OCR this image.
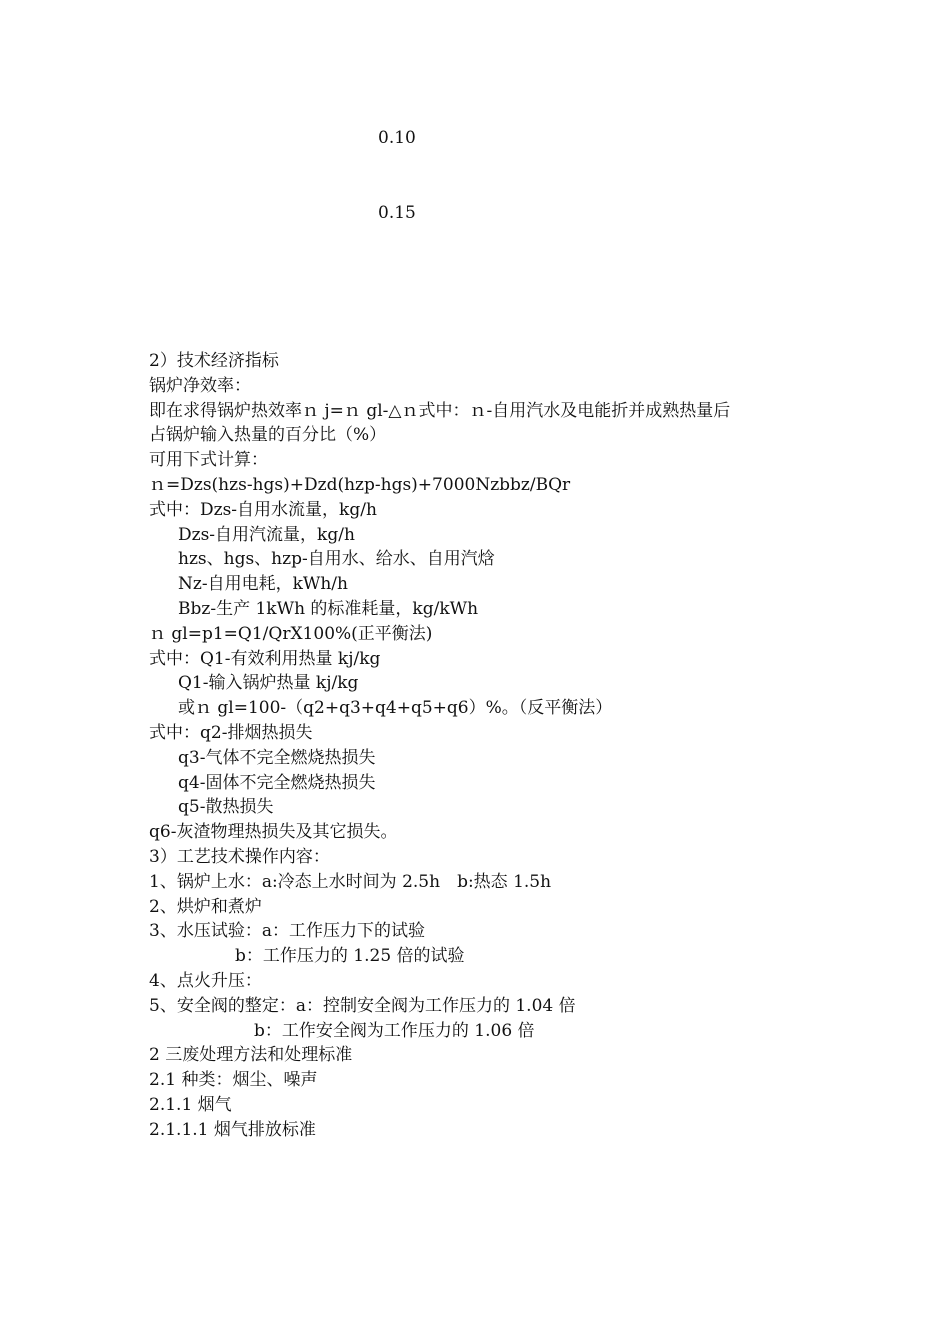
0.10
0.15
2）技术经济指标
锅炉净效率：
即在求得锅炉热效率ｎ j=ｎ gl-△ｎ式中：ｎ-自用汽水及电能折并成熟热量后
占锅炉输入热量的百分比（%）
可用下式计算：
ｎ=Dzs(hzs-hgs)+Dzd(hzp-hgs)+7000Nzbbz/BQr
式中：Dzs-自用水流量，kg/h
Dzs-自用汽流量，kg/h
hzs、hgs、hzp-自用水、给水、自用汽焓
Nz-自用电耗，kWh/h
Bbz-生产 1kWh 的标准耗量，kg/kWh
ｎ gl=p1=Q1/QrX100%(正平衡法)
式中：Q1-有效利用热量 kj/kg
Q1-输入锅炉热量 kj/kg
或ｎ gl=100-（q2+q3+q4+q5+q6）%。（反平衡法）
式中：q2-排烟热损失
q3-气体不完全燃烧热损失
q4-固体不完全燃烧热损失
q5-散热损失
q6-灰渣物理热损失及其它损失。
3）工艺技术操作内容：
1、锅炉上水：a:冷态上水时间为 2.5h　b:热态 1.5h
2、烘炉和煮炉
3、水压试验：a：工作压力下的试验
b：工作压力的 1.25 倍的试验
4、点火升压：
5、安全阀的整定：a：控制安全阀为工作压力的 1.04 倍
b：工作安全阀为工作压力的 1.06 倍
2 三废处理方法和处理标准
2.1 种类：烟尘、噪声
2.1.1 烟气
2.1.1.1 烟气排放标准
